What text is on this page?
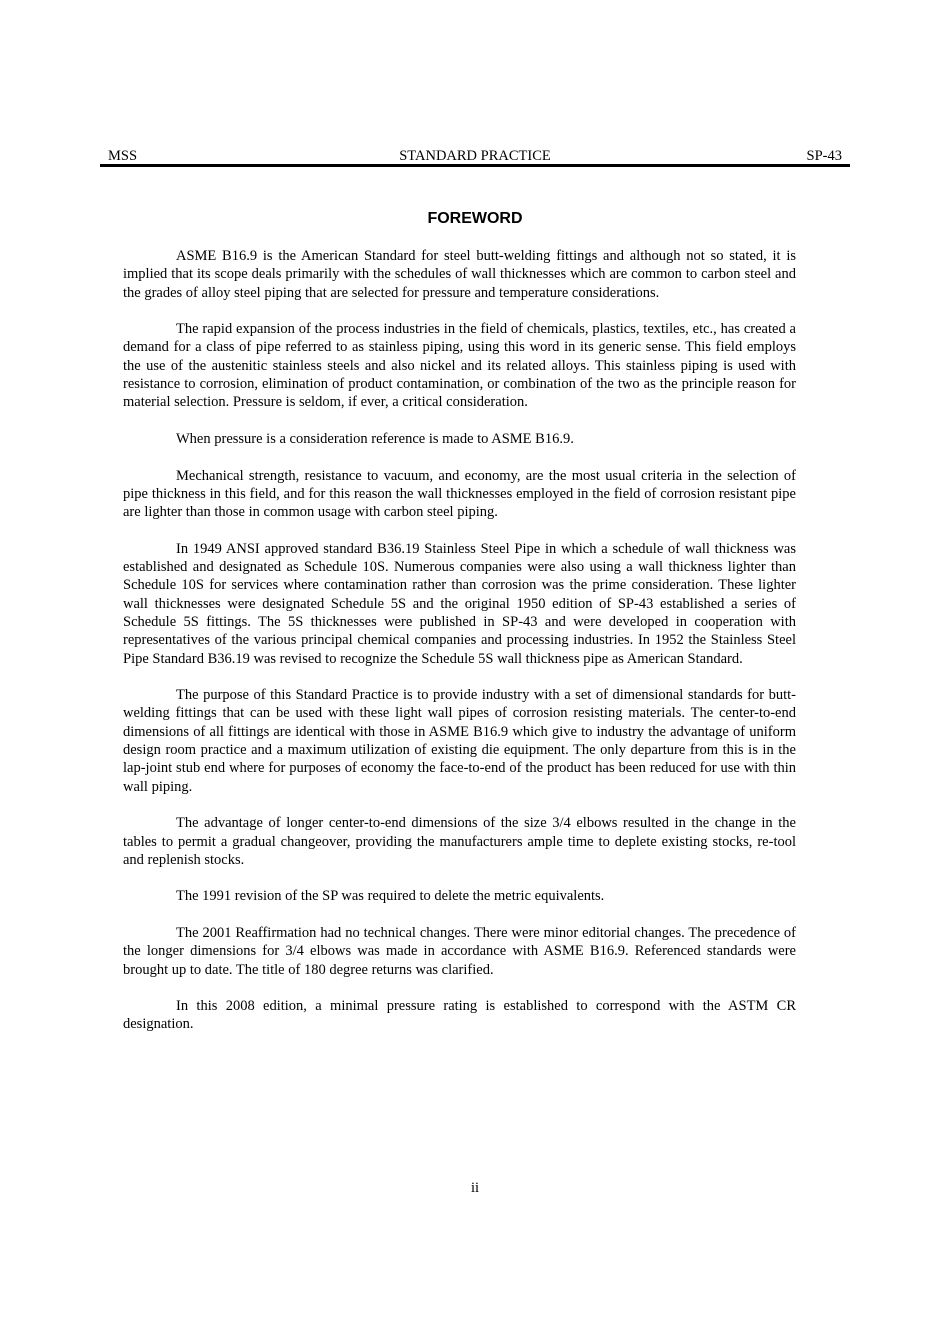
MSS	STANDARD PRACTICE	SP-43
FOREWORD

ASME B16.9 is the American Standard for steel butt-welding fittings and although not so stated, it is implied that its scope deals primarily with the schedules of wall thicknesses which are common to carbon steel and the grades of alloy steel piping that are selected for pressure and temperature considerations.

The rapid expansion of the process industries in the field of chemicals, plastics, textiles, etc., has created a demand for a class of pipe referred to as stainless piping, using this word in its generic sense. This field employs the use of the austenitic stainless steels and also nickel and its related alloys. This stainless piping is used with resistance to corrosion, elimination of product contamination, or combination of the two as the principle reason for material selection. Pressure is seldom, if ever, a critical consideration.

When pressure is a consideration reference is made to ASME B16.9.

Mechanical strength, resistance to vacuum, and economy, are the most usual criteria in the selection of pipe thickness in this field, and for this reason the wall thicknesses employed in the field of corrosion resistant pipe are lighter than those in common usage with carbon steel piping.

In 1949 ANSI approved standard B36.19 Stainless Steel Pipe in which a schedule of wall thickness was established and designated as Schedule 10S. Numerous companies were also using a wall thickness lighter than Schedule 10S for services where contamination rather than corrosion was the prime consideration. These lighter wall thicknesses were designated Schedule 5S and the original 1950 edition of SP-43 established a series of Schedule 5S fittings. The 5S thicknesses were published in SP-43 and were developed in cooperation with representatives of the various principal chemical companies and processing industries. In 1952 the Stainless Steel Pipe Standard B36.19 was revised to recognize the Schedule 5S wall thickness pipe as American Standard.

The purpose of this Standard Practice is to provide industry with a set of dimensional standards for butt-welding fittings that can be used with these light wall pipes of corrosion resisting materials. The center-to-end dimensions of all fittings are identical with those in ASME B16.9 which give to industry the advantage of uniform design room practice and a maximum utilization of existing die equipment. The only departure from this is in the lap-joint stub end where for purposes of economy the face-to-end of the product has been reduced for use with thin wall piping.

The advantage of longer center-to-end dimensions of the size 3/4 elbows resulted in the change in the tables to permit a gradual changeover, providing the manufacturers ample time to deplete existing stocks, re-tool and replenish stocks.

The 1991 revision of the SP was required to delete the metric equivalents.

The 2001 Reaffirmation had no technical changes. There were minor editorial changes. The precedence of the longer dimensions for 3/4 elbows was made in accordance with ASME B16.9. Referenced standards were brought up to date. The title of 180 degree returns was clarified.

In this 2008 edition, a minimal pressure rating is established to correspond with the ASTM CR designation.

ii
